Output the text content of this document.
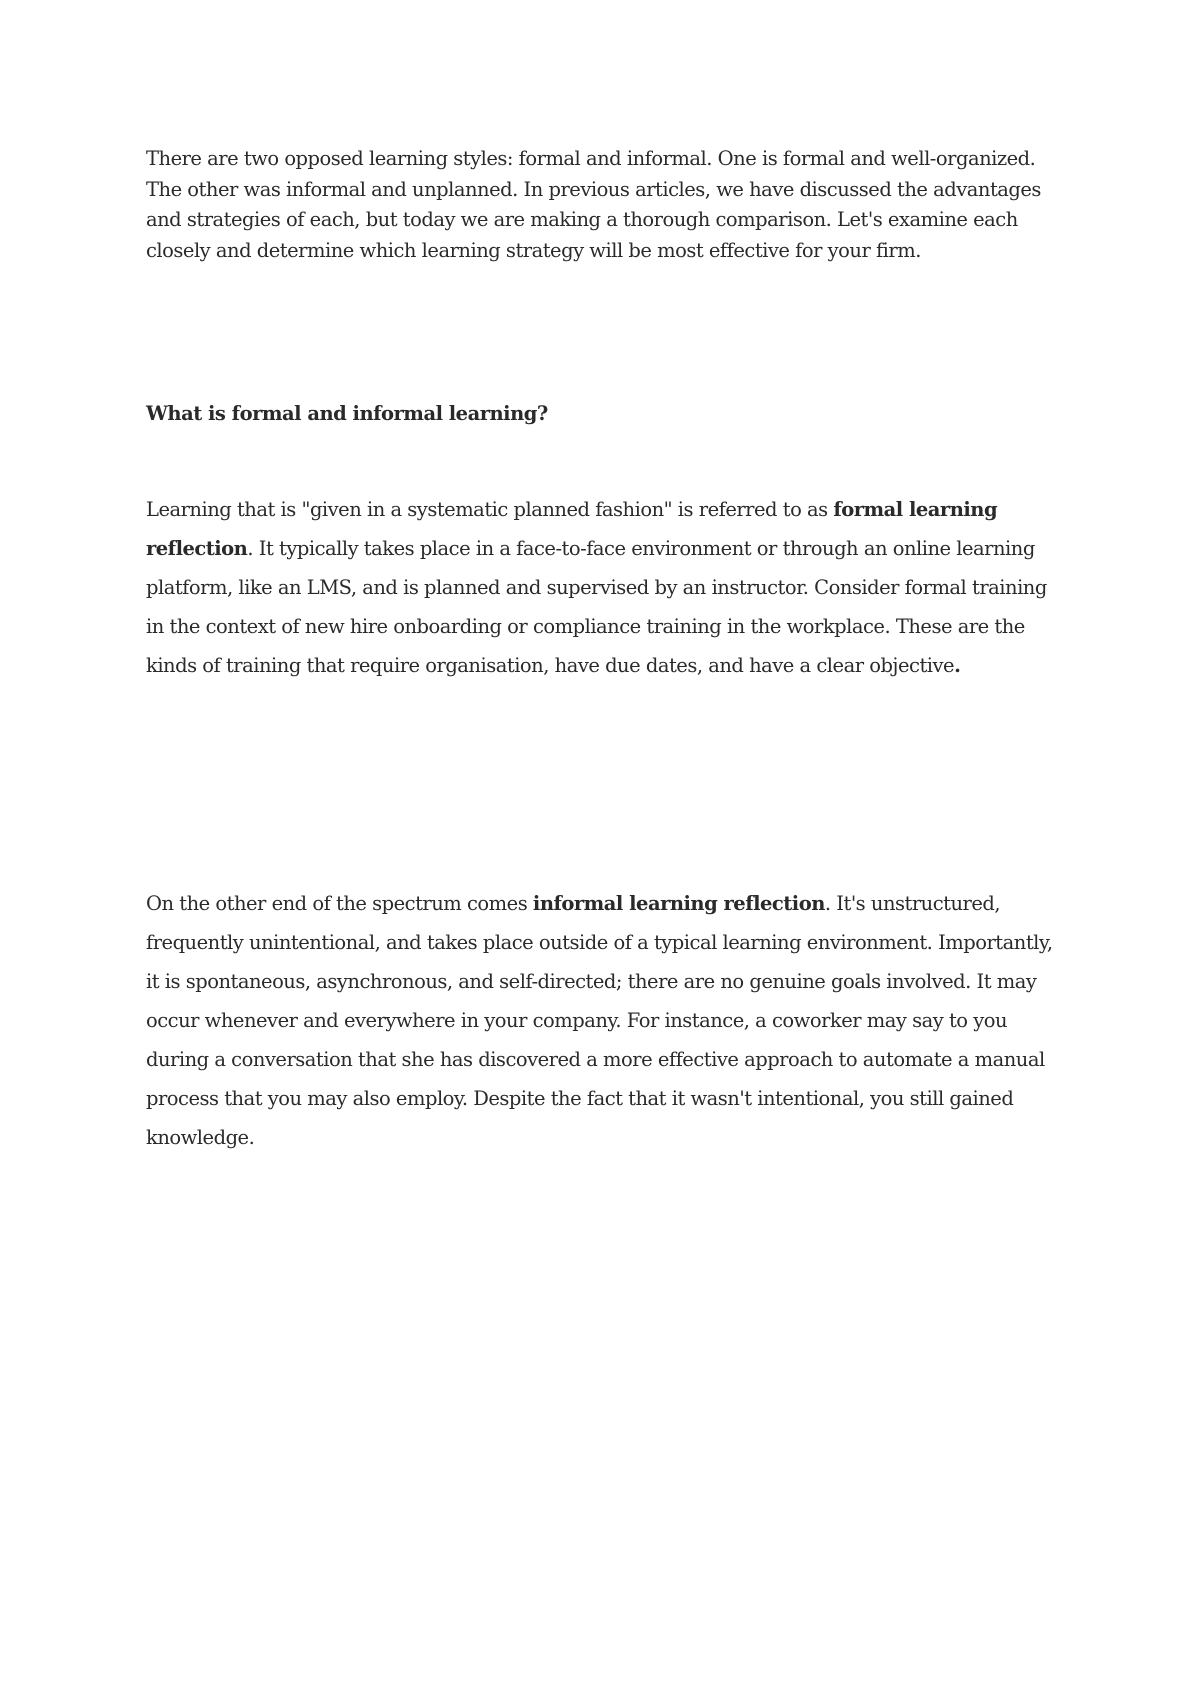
There are two opposed learning styles: formal and informal. One is formal and well-organized. The other was informal and unplanned. In previous articles, we have discussed the advantages and strategies of each, but today we are making a thorough comparison. Let's examine each closely and determine which learning strategy will be most effective for your firm.

What is formal and informal learning?

Learning that is "given in a systematic planned fashion" is referred to as formal learning reflection. It typically takes place in a face-to-face environment or through an online learning platform, like an LMS, and is planned and supervised by an instructor. Consider formal training in the context of new hire onboarding or compliance training in the workplace. These are the kinds of training that require organisation, have due dates, and have a clear objective.

On the other end of the spectrum comes informal learning reflection. It's unstructured, frequently unintentional, and takes place outside of a typical learning environment. Importantly, it is spontaneous, asynchronous, and self-directed; there are no genuine goals involved. It may occur whenever and everywhere in your company. For instance, a coworker may say to you during a conversation that she has discovered a more effective approach to automate a manual process that you may also employ. Despite the fact that it wasn't intentional, you still gained knowledge.
